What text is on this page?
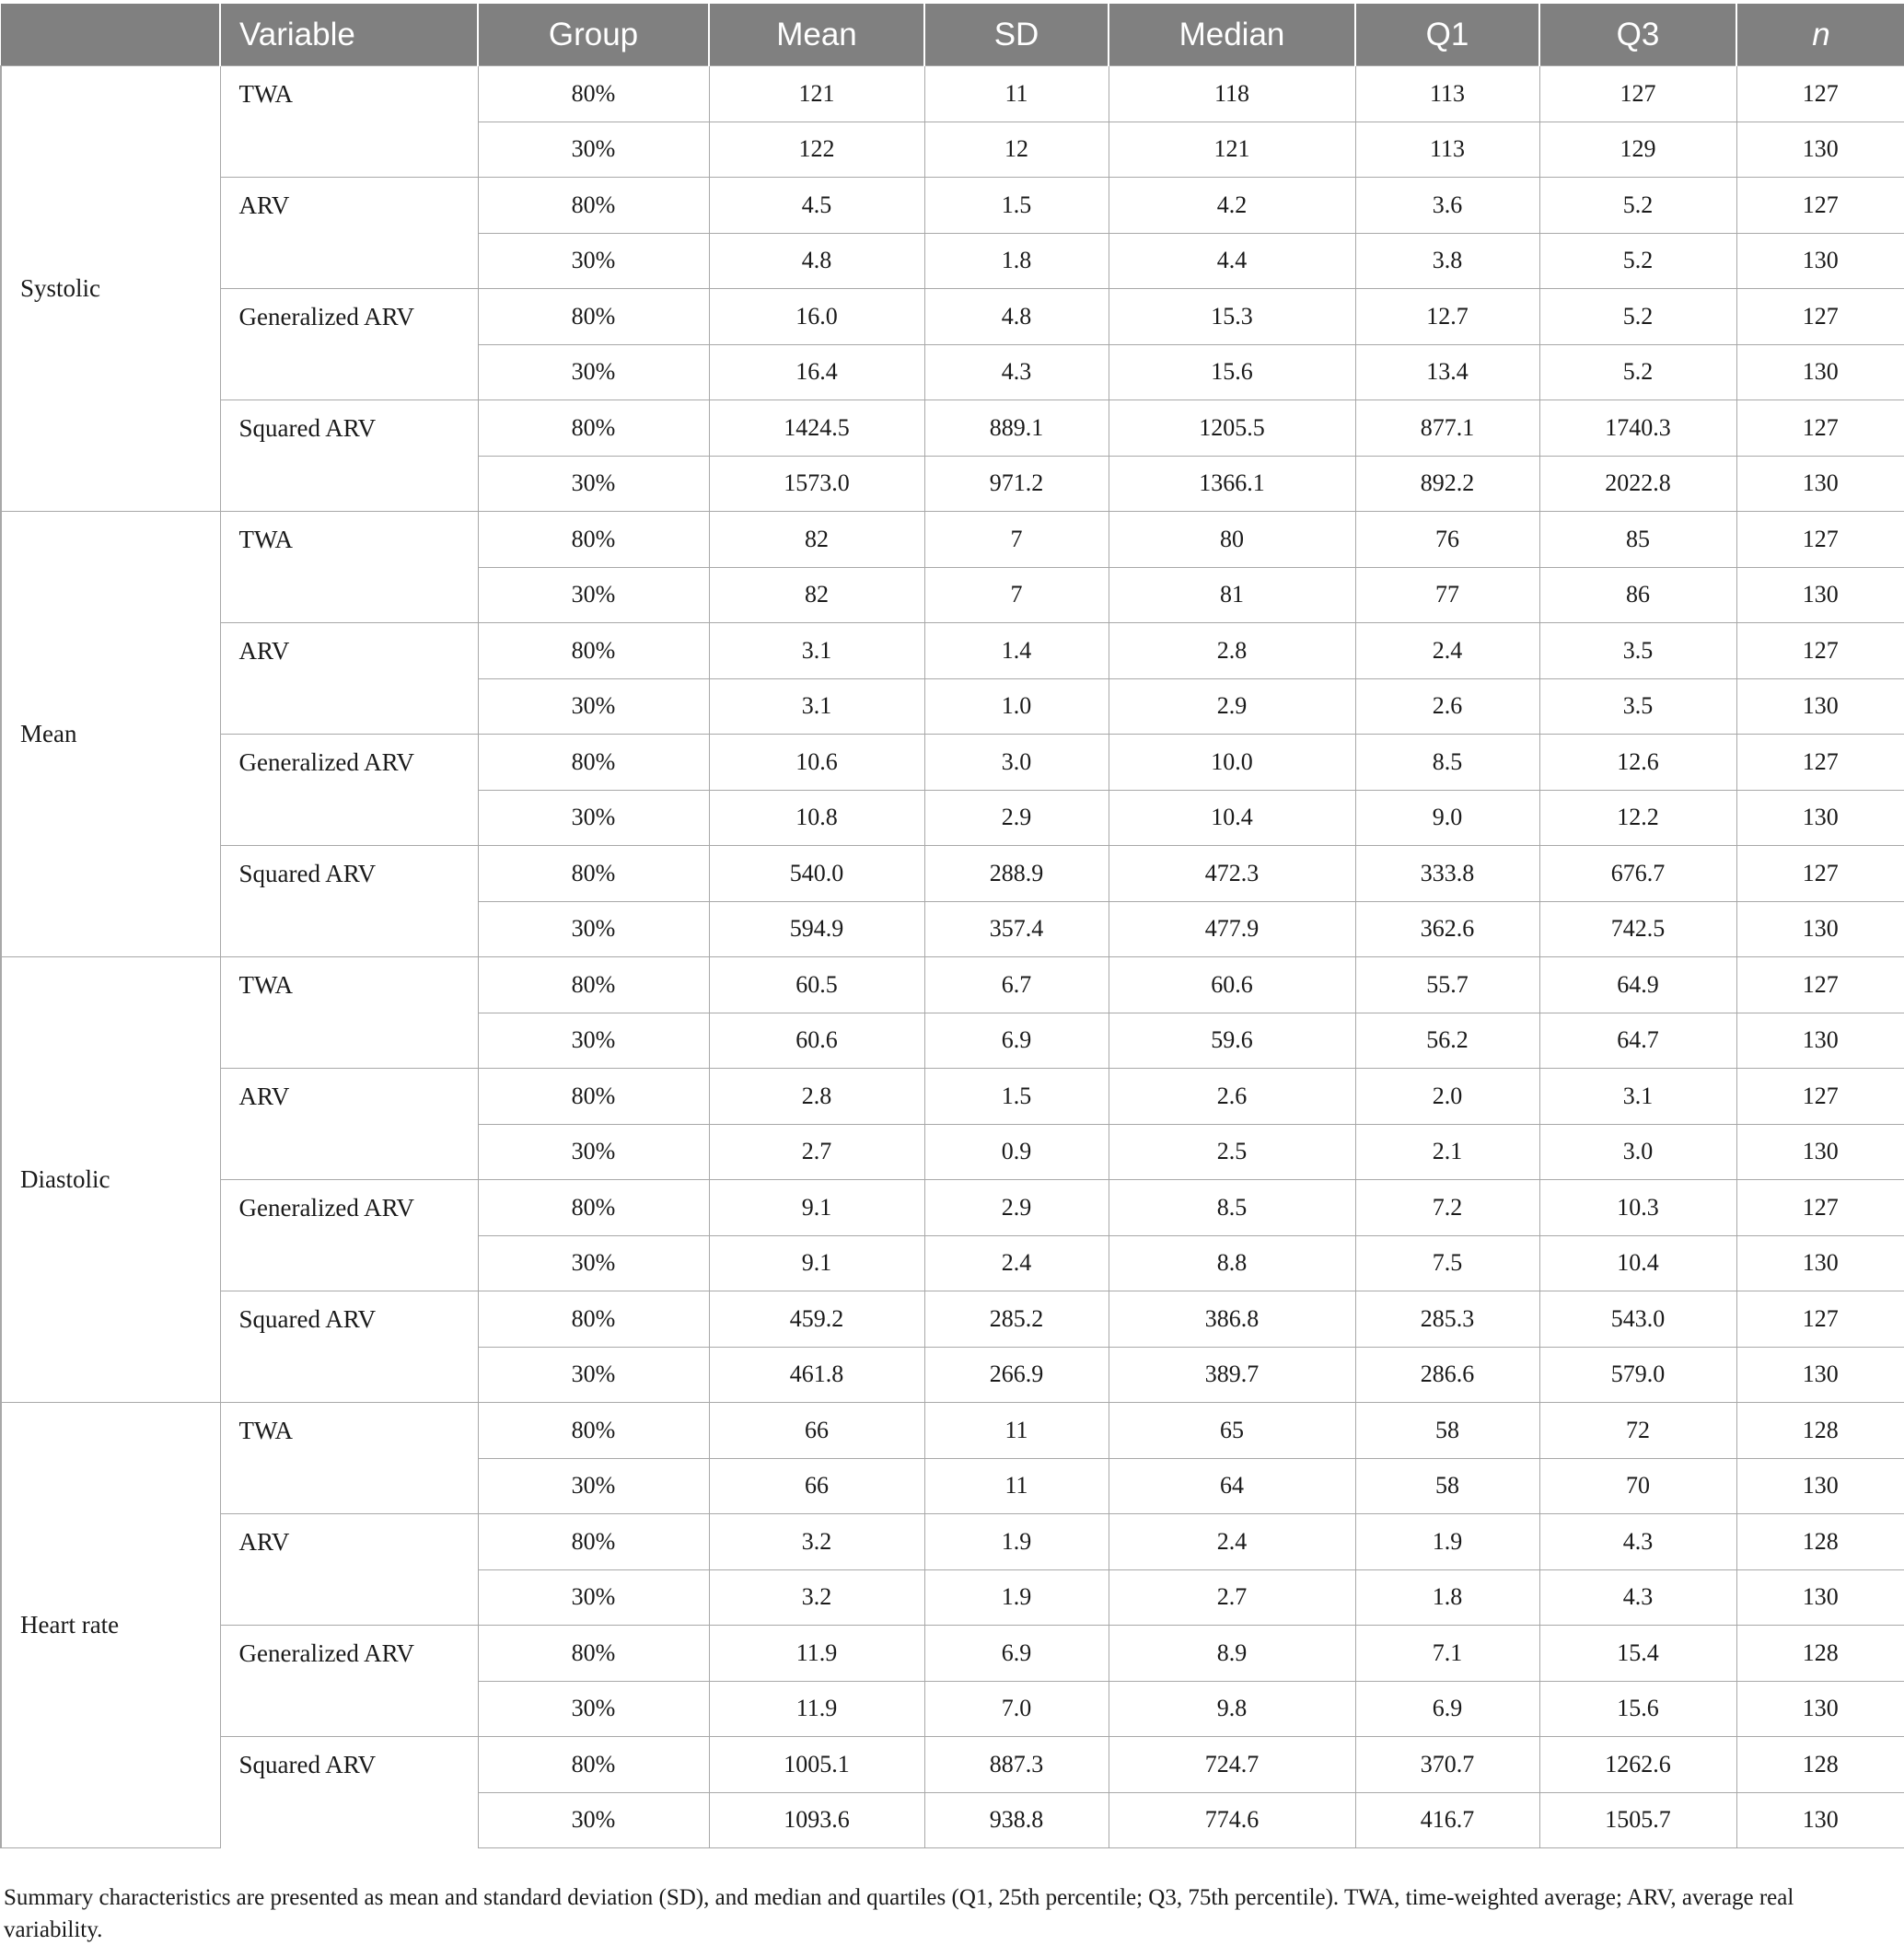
	Variable	Group	Mean	SD	Median	Q1	Q3	n
Systolic	TWA	80%	121	11	118	113	127	127
		30%	122	12	121	113	129	130
	ARV	80%	4.5	1.5	4.2	3.6	5.2	127
		30%	4.8	1.8	4.4	3.8	5.2	130
	Generalized ARV	80%	16.0	4.8	15.3	12.7	5.2	127
		30%	16.4	4.3	15.6	13.4	5.2	130
	Squared ARV	80%	1424.5	889.1	1205.5	877.1	1740.3	127
		30%	1573.0	971.2	1366.1	892.2	2022.8	130
Mean	TWA	80%	82	7	80	76	85	127
		30%	82	7	81	77	86	130
	ARV	80%	3.1	1.4	2.8	2.4	3.5	127
		30%	3.1	1.0	2.9	2.6	3.5	130
	Generalized ARV	80%	10.6	3.0	10.0	8.5	12.6	127
		30%	10.8	2.9	10.4	9.0	12.2	130
	Squared ARV	80%	540.0	288.9	472.3	333.8	676.7	127
		30%	594.9	357.4	477.9	362.6	742.5	130
Diastolic	TWA	80%	60.5	6.7	60.6	55.7	64.9	127
		30%	60.6	6.9	59.6	56.2	64.7	130
	ARV	80%	2.8	1.5	2.6	2.0	3.1	127
		30%	2.7	0.9	2.5	2.1	3.0	130
	Generalized ARV	80%	9.1	2.9	8.5	7.2	10.3	127
		30%	9.1	2.4	8.8	7.5	10.4	130
	Squared ARV	80%	459.2	285.2	386.8	285.3	543.0	127
		30%	461.8	266.9	389.7	286.6	579.0	130
Heart rate	TWA	80%	66	11	65	58	72	128
		30%	66	11	64	58	70	130
	ARV	80%	3.2	1.9	2.4	1.9	4.3	128
		30%	3.2	1.9	2.7	1.8	4.3	130
	Generalized ARV	80%	11.9	6.9	8.9	7.1	15.4	128
		30%	11.9	7.0	9.8	6.9	15.6	130
	Squared ARV	80%	1005.1	887.3	724.7	370.7	1262.6	128
		30%	1093.6	938.8	774.6	416.7	1505.7	130
Summary characteristics are presented as mean and standard deviation (SD), and median and quartiles (Q1, 25th percentile; Q3, 75th percentile). TWA, time-weighted average; ARV, average real variability.
